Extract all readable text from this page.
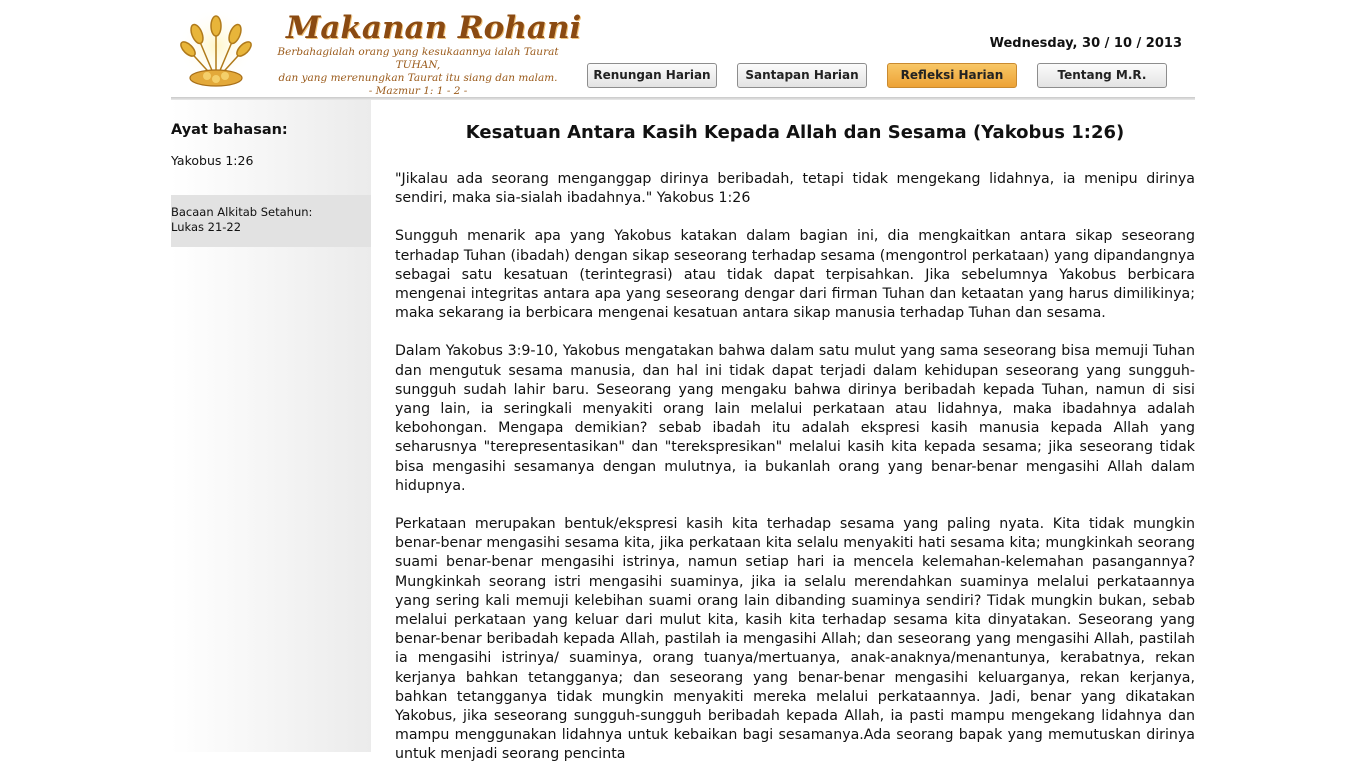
Makanan Rohani
Berbahagialah orang yang kesukaannya ialah Taurat TUHAN,
dan yang merenungkan Taurat itu siang dan malam.
- Mazmur 1: 1 - 2 -
Wednesday, 30 / 10 / 2013
Renungan Harian	Santapan Harian	Refleksi Harian	Tentang M.R.
Ayat bahasan:
Yakobus 1:26
Bacaan Alkitab Setahun:
Lukas 21-22
Kesatuan Antara Kasih Kepada Allah dan Sesama (Yakobus 1:26)

"Jikalau ada seorang menganggap dirinya beribadah, tetapi tidak mengekang lidahnya, ia menipu dirinya sendiri, maka sia-sialah ibadahnya." Yakobus 1:26

Sungguh menarik apa yang Yakobus katakan dalam bagian ini, dia mengkaitkan antara sikap seseorang terhadap Tuhan (ibadah) dengan sikap seseorang terhadap sesama (mengontrol perkataan) yang dipandangnya sebagai satu kesatuan (terintegrasi) atau tidak dapat terpisahkan. Jika sebelumnya Yakobus berbicara mengenai integritas antara apa yang seseorang dengar dari firman Tuhan dan ketaatan yang harus dimilikinya; maka sekarang ia berbicara mengenai kesatuan antara sikap manusia terhadap Tuhan dan sesama.

Dalam Yakobus 3:9-10, Yakobus mengatakan bahwa dalam satu mulut yang sama seseorang bisa memuji Tuhan dan mengutuk sesama manusia, dan hal ini tidak dapat terjadi dalam kehidupan seseorang yang sungguh-sungguh sudah lahir baru. Seseorang yang mengaku bahwa dirinya beribadah kepada Tuhan, namun di sisi yang lain, ia seringkali menyakiti orang lain melalui perkataan atau lidahnya, maka ibadahnya adalah kebohongan. Mengapa demikian? sebab ibadah itu adalah ekspresi kasih manusia kepada Allah yang seharusnya "terepresentasikan" dan "terekspresikan" melalui kasih kita kepada sesama; jika seseorang tidak bisa mengasihi sesamanya dengan mulutnya, ia bukanlah orang yang benar-benar mengasihi Allah dalam hidupnya.

Perkataan merupakan bentuk/ekspresi kasih kita terhadap sesama yang paling nyata. Kita tidak mungkin benar-benar mengasihi sesama kita, jika perkataan kita selalu menyakiti hati sesama kita; mungkinkah seorang suami benar-benar mengasihi istrinya, namun setiap hari ia mencela kelemahan-kelemahan pasangannya? Mungkinkah seorang istri mengasihi suaminya, jika ia selalu merendahkan suaminya melalui perkataannya yang sering kali memuji kelebihan suami orang lain dibanding suaminya sendiri? Tidak mungkin bukan, sebab melalui perkataan yang keluar dari mulut kita, kasih kita terhadap sesama kita dinyatakan. Seseorang yang benar-benar beribadah kepada Allah, pastilah ia mengasihi Allah; dan seseorang yang mengasihi Allah, pastilah ia mengasihi istrinya/ suaminya, orang tuanya/mertuanya, anak-anaknya/menantunya, kerabatnya, rekan kerjanya bahkan tetangganya; dan seseorang yang benar-benar mengasihi keluarganya, rekan kerjanya, bahkan tetangganya tidak mungkin menyakiti mereka melalui perkataannya. Jadi, benar yang dikatakan Yakobus, jika seseorang sungguh-sungguh beribadah kepada Allah, ia pasti mampu mengekang lidahnya dan mampu menggunakan lidahnya untuk kebaikan bagi sesamanya.Ada seorang bapak yang memutuskan dirinya untuk menjadi seorang pencinta
